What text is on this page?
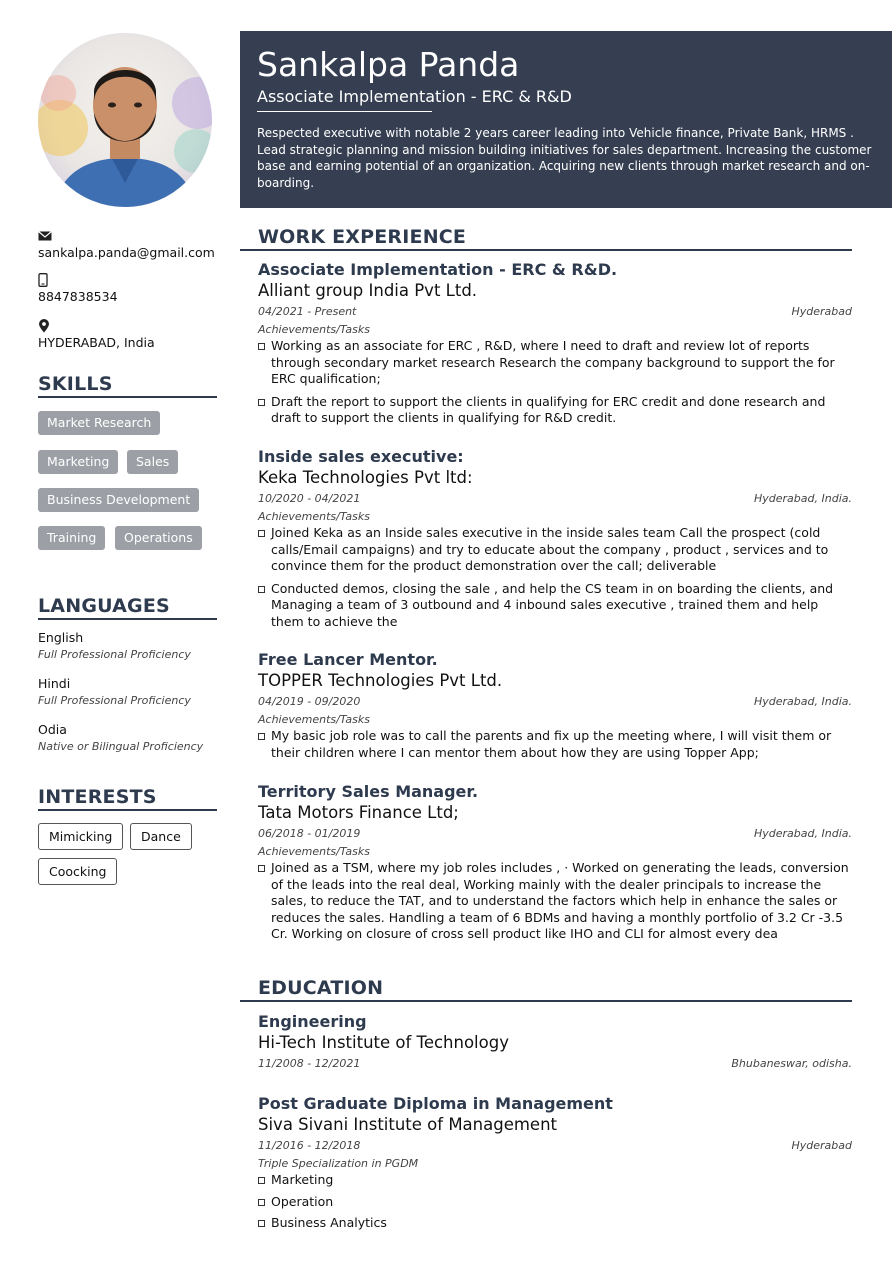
sankalpa.panda@gmail.com
8847838534
HYDERABAD, India
SKILLS
Market Research
Marketing	Sales
Business Development
Training	Operations
LANGUAGES
English
Full Professional Proficiency
Hindi
Full Professional Proficiency
Odia
Native or Bilingual Proficiency
INTERESTS
Mimicking	Dance
Coocking
Sankalpa Panda
Associate Implementation - ERC & R&D
Respected executive with notable 2 years career leading into Vehicle finance, Private Bank, HRMS . Lead strategic planning and mission building initiatives for sales department. Increasing the customer base and earning potential of an organization. Acquiring new clients through market research and on-boarding.
WORK EXPERIENCE
Associate Implementation - ERC & R&D.
Alliant group India Pvt Ltd.
04/2021 - Present	Hyderabad
Achievements/Tasks
Working as an associate for ERC , R&D, where I need to draft and review lot of reports through secondary market research Research the company background to support the for ERC qualification;
Draft the report to support the clients in qualifying for ERC credit and done research and draft to support the clients in qualifying for R&D credit.
Inside sales executive:
Keka Technologies Pvt ltd:
10/2020 - 04/2021	Hyderabad, India.
Achievements/Tasks
Joined Keka as an Inside sales executive in the inside sales team Call the prospect (cold calls/Email campaigns) and try to educate about the company , product , services and to convince them for the product demonstration over the call; deliverable
Conducted demos, closing the sale , and help the CS team in on boarding the clients, and Managing a team of 3 outbound and 4 inbound sales executive , trained them and help them to achieve the
Free Lancer Mentor.
TOPPER Technologies Pvt Ltd.
04/2019 - 09/2020	Hyderabad, India.
Achievements/Tasks
My basic job role was to call the parents and fix up the meeting where, I will visit them or their children where I can mentor them about how they are using Topper App;
Territory Sales Manager.
Tata Motors Finance Ltd;
06/2018 - 01/2019	Hyderabad, India.
Achievements/Tasks
Joined as a TSM, where my job roles includes , · Worked on generating the leads, conversion of the leads into the real deal, Working mainly with the dealer principals to increase the sales, to reduce the TAT, and to understand the factors which help in enhance the sales or reduces the sales. Handling a team of 6 BDMs and having a monthly portfolio of 3.2 Cr -3.5 Cr. Working on closure of cross sell product like IHO and CLI for almost every dea
EDUCATION
Engineering
Hi-Tech Institute of Technology
11/2008 - 12/2021	Bhubaneswar, odisha.
Post Graduate Diploma in Management
Siva Sivani Institute of Management
11/2016 - 12/2018	Hyderabad
Triple Specialization in PGDM
Marketing
Operation
Business Analytics
